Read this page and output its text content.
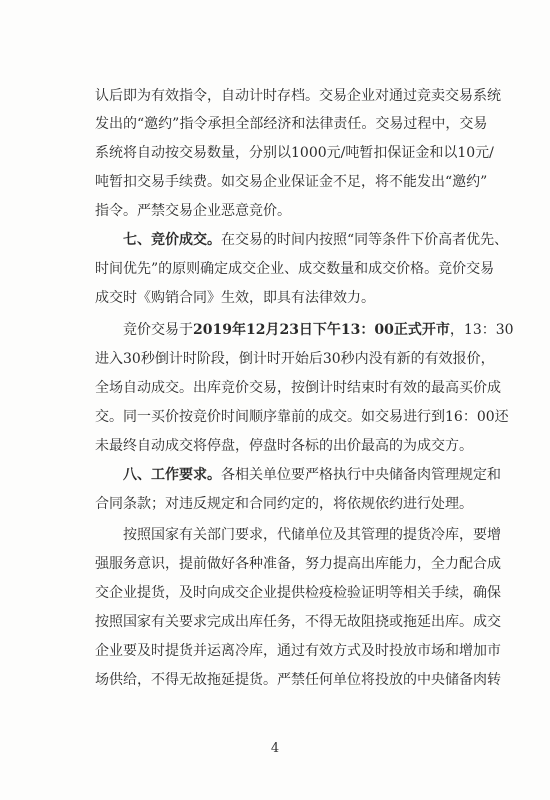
认后即为有效指令，自动计时存档。交易企业对通过竞卖交易系统
发出的“邀约”指令承担全部经济和法律责任。交易过程中，交易
系统将自动按交易数量，分别以1000元/吨暂扣保证金和以10元/
吨暂扣交易手续费。如交易企业保证金不足，将不能发出“邀约”
指令。严禁交易企业恶意竞价。
七、竞价成交。在交易的时间内按照“同等条件下价高者优先、
时间优先”的原则确定成交企业、成交数量和成交价格。竞价交易
成交时《购销合同》生效，即具有法律效力。
竞价交易于2019年12月23日下午13：00正式开市，13：30
进入30秒倒计时阶段，倒计时开始后30秒内没有新的有效报价，
全场自动成交。出库竞价交易，按倒计时结束时有效的最高买价成
交。同一买价按竞价时间顺序靠前的成交。如交易进行到16：00还
未最终自动成交将停盘，停盘时各标的出价最高的为成交方。
八、工作要求。各相关单位要严格执行中央储备肉管理规定和
合同条款；对违反规定和合同约定的，将依规依约进行处理。
按照国家有关部门要求，代储单位及其管理的提货冷库，要增
强服务意识，提前做好各种准备，努力提高出库能力，全力配合成
交企业提货，及时向成交企业提供检疫检验证明等相关手续，确保
按照国家有关要求完成出库任务，不得无故阻挠或拖延出库。成交
企业要及时提货并运离冷库，通过有效方式及时投放市场和增加市
场供给，不得无故拖延提货。严禁任何单位将投放的中央储备肉转
4
